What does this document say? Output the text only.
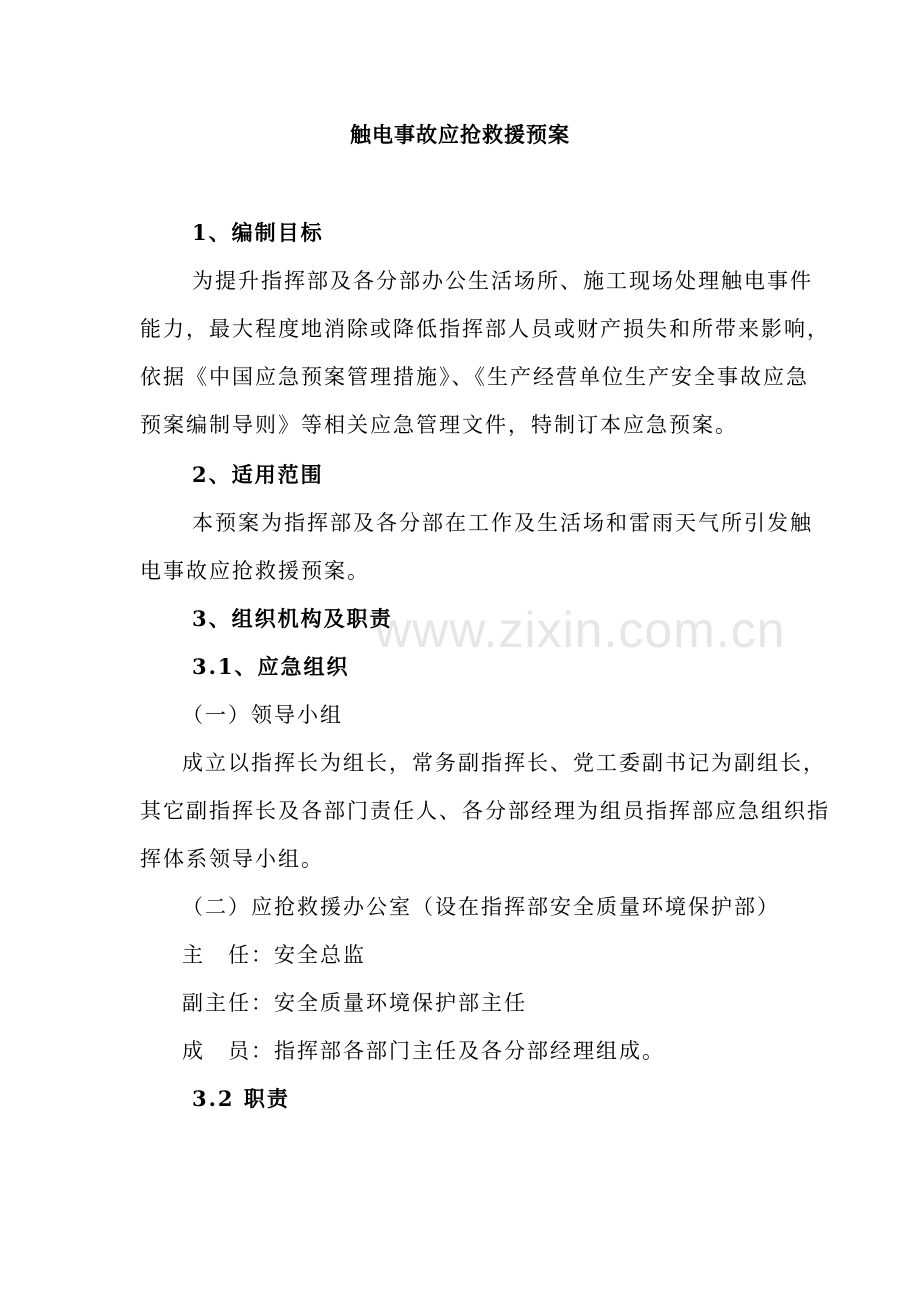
www.zixin.com.cn
触电事故应抢救援预案
1、编制目标
为提升指挥部及各分部办公生活场所、施工现场处理触电事件
能力，最大程度地消除或降低指挥部人员或财产损失和所带来影响，
依据《中国应急预案管理措施》、《生产经营单位生产安全事故应急
预案编制导则》等相关应急管理文件，特制订本应急预案。
2、适用范围
本预案为指挥部及各分部在工作及生活场和雷雨天气所引发触
电事故应抢救援预案。
3、组织机构及职责
3.1、应急组织
（一）领导小组
成立以指挥长为组长，常务副指挥长、党工委副书记为副组长，
其它副指挥长及各部门责任人、各分部经理为组员指挥部应急组织指
挥体系领导小组。
（二）应抢救援办公室（设在指挥部安全质量环境保护部）
主　任：安全总监
副主任：安全质量环境保护部主任
成　员：指挥部各部门主任及各分部经理组成。
3.2 职责
